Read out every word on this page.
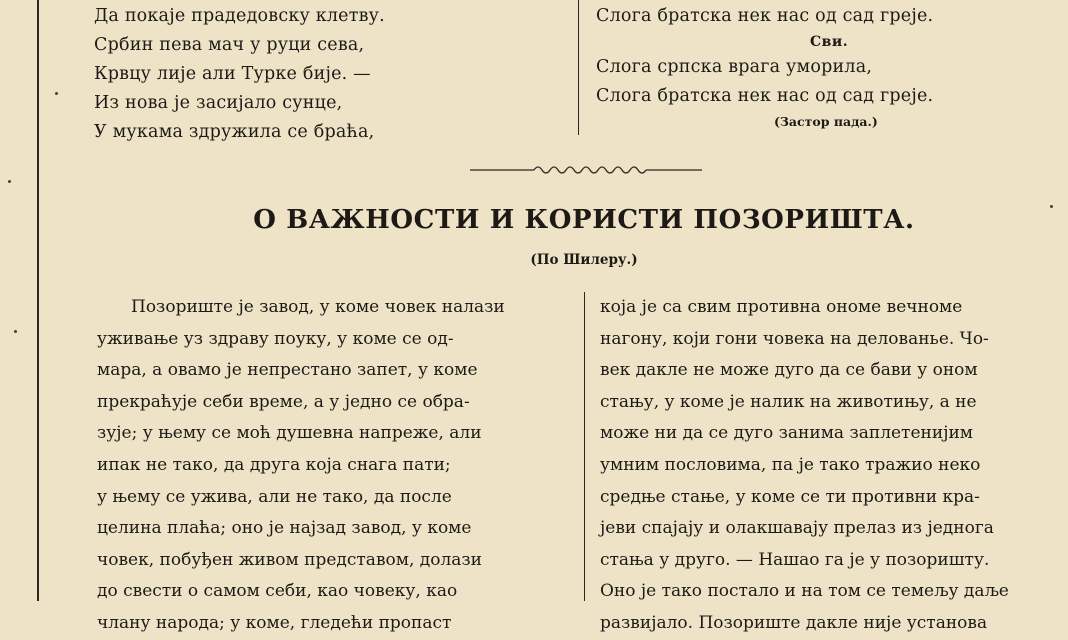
Да покаје прадедовску клетву.
Србин пева мач у руци сева,
Крвцу лије али Турке бије. —
Из нова је засијало сунце,
У мукама здружила се браћа,
Слога братска нек нас од сад греје.
Сви.
Слога српска врага уморила,
Слога братска нек нас од сад греје.
(Застор пада.)
О ВАЖНОСТИ И КОРИСТИ ПОЗОРИШТА.
(По Шилеру.)
Позориште је завод, у коме човек налази
уживање уз здраву поуку, у коме се од-
мара, а овамо је непрестано запет, у коме
прекраћује себи време, а у једно се обра-
зује; у њему се моћ душевна напреже, али
ипак не тако, да друга која снага пати;
у њему се ужива, али не тако, да после
целина плаћа; оно је најзад завод, у коме
човек, побуђен живом представом, долази
до свести о самом себи, као човеку, као
члану народа; у коме, гледећи пропаст
која је са свим противна ономе вечноме
нагону, који гони човека на делованье. Чо-
век дакле не може дуго да се бави у оном
стању, у коме је налик на животињу, а не
може ни да се дуго занима заплетенијим
умним пословима, па је тако тражио неко
средње стање, у коме се ти противни кра-
јеви спајају и олакшавају прелаз из једнога
стања у друго. — Нашао га је у позоришту.
Оно је тако постало и на том се темељу даље
развијало. Позориште дакле није установа
